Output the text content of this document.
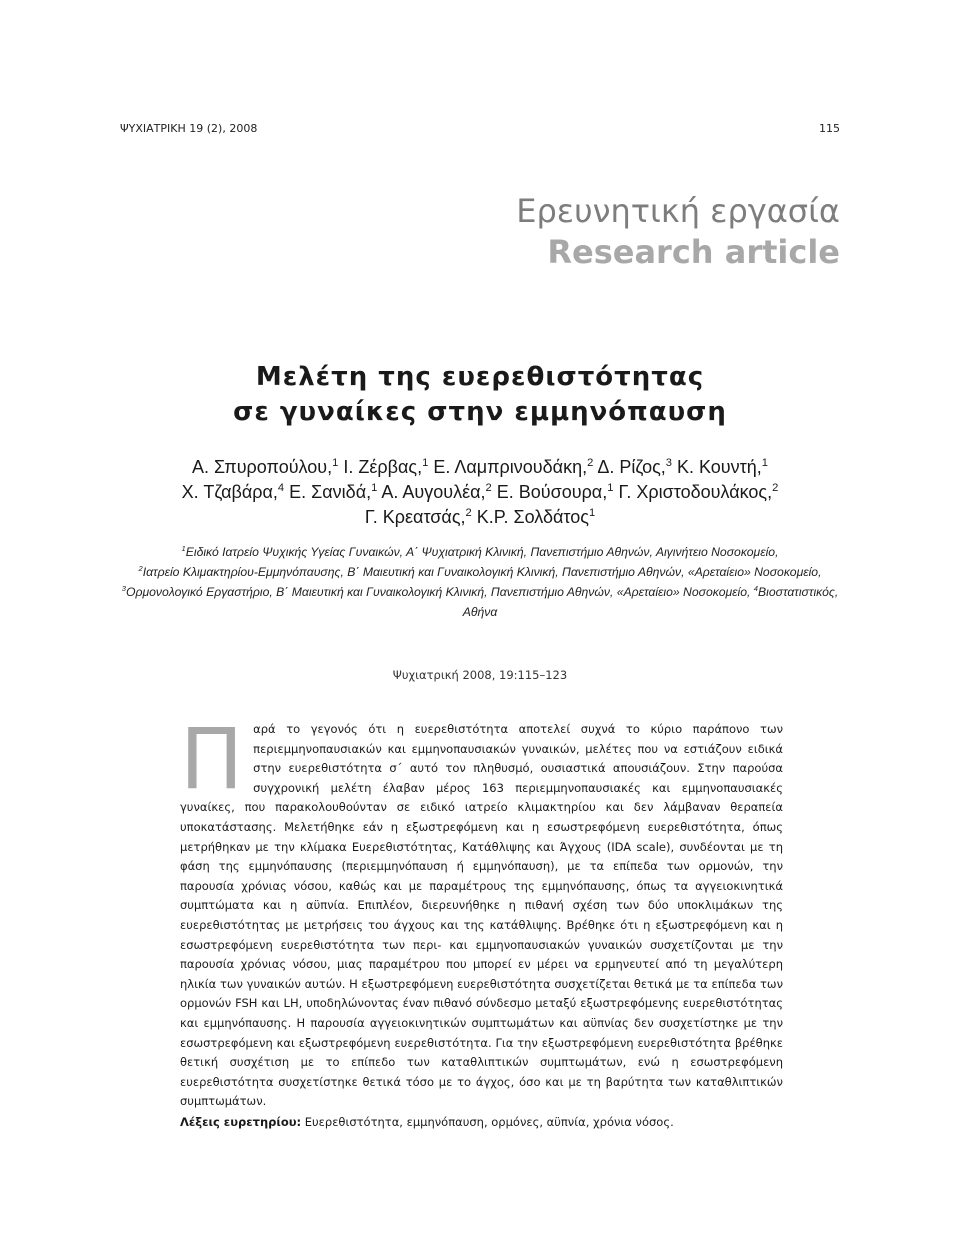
ΨΥΧΙΑΤΡΙΚΗ 19 (2), 2008	115
Ερευνητική εργασία
Research article
Μελέτη της ευερεθιστότητας
σε γυναίκες στην εμμηνόπαυση
Α. Σπυροπούλου,$^1$ Ι. Ζέρβας,$^1$ Ε. Λαμπρινουδάκη,$^2$ Δ. Ρίζος,$^3$ Κ. Κουντή,$^1$
Χ. Τζαβάρα,$^4$ Ε. Σανιδά,$^1$ Α. Αυγουλέα,$^2$ Ε. Βούσουρα,$^1$ Γ. Χριστοδουλάκος,$^2$
Γ. Κρεατσάς,$^2$ Κ.Ρ. Σολδάτος$^1$
$^1$Ειδικό Ιατρείο Ψυχικής Υγείας Γυναικών, Α΄ Ψυχιατρική Κλινική, Πανεπιστήμιο Αθηνών, Αιγινήτειο Νοσοκομείο,
$^2$Ιατρείο Κλιμακτηρίου-Εμμηνόπαυσης, Β΄ Μαιευτική και Γυναικολογική Κλινική, Πανεπιστήμιο Αθηνών, «Αρεταίειο» Νοσοκομείο, $^3$Ορμονολογικό Εργαστήριο, Β΄ Μαιευτική και Γυναικολογική Κλινική, Πανεπιστήμιο Αθηνών, «Αρεταίειο» Νοσοκομείο, $^4$Βιοστατιστικός, Αθήνα
Ψυχιατρική 2008, 19:115–123
Π αρά το γεγονός ότι η ευερεθιστότητα αποτελεί συχνά το κύριο παράπονο των περιεμμηνοπαυσιακών και εμμηνοπαυσιακών γυναικών, μελέτες που να εστιάζουν ειδικά στην ευερεθιστότητα σ΄ αυτό τον πληθυσμό, ουσιαστικά απουσιάζουν. Στην παρούσα συγχρονική μελέτη έλαβαν μέρος 163 περιεμμηνοπαυσιακές και εμμηνοπαυσιακές γυναίκες, που παρακολουθούνταν σε ειδικό ιατρείο κλιμακτηρίου και δεν λάμβαναν θεραπεία υποκατάστασης. Μελετήθηκε εάν η εξωστρεφόμενη και η εσωστρεφόμενη ευερεθιστότητα, όπως μετρήθηκαν με την κλίμακα Ευερεθιστότητας, Κατάθλιψης και Άγχους (IDA scale), συνδέονται με τη φάση της εμμηνόπαυσης (περιεμμηνόπαυση ή εμμηνόπαυση), με τα επίπεδα των ορμονών, την παρουσία χρόνιας νόσου, καθώς και με παραμέτρους της εμμηνόπαυσης, όπως τα αγγειοκινητικά συμπτώματα και η αϋπνία. Επιπλέον, διερευνήθηκε η πιθανή σχέση των δύο υποκλιμάκων της ευερεθιστότητας με μετρήσεις του άγχους και της κατάθλιψης. Βρέθηκε ότι η εξωστρεφόμενη και η εσωστρεφόμενη ευερεθιστότητα των περι- και εμμηνοπαυσιακών γυναικών συσχετίζονται με την παρουσία χρόνιας νόσου, μιας παραμέτρου που μπορεί εν μέρει να ερμηνευτεί από τη μεγαλύτερη ηλικία των γυναικών αυτών. Η εξωστρεφόμενη ευερεθιστότητα συσχετίζεται θετικά με τα επίπεδα των ορμονών FSH και LH, υποδηλώνοντας έναν πιθανό σύνδεσμο μεταξύ εξωστρεφόμενης ευερεθιστότητας και εμμηνόπαυσης. Η παρουσία αγγειοκινητικών συμπτωμάτων και αϋπνίας δεν συσχετίστηκε με την εσωστρεφόμενη και εξωστρεφόμενη ευερεθιστότητα. Για την εξωστρεφόμενη ευερεθιστότητα βρέθηκε θετική συσχέτιση με το επίπεδο των καταθλιπτικών συμπτωμάτων, ενώ η εσωστρεφόμενη ευερεθιστότητα συσχετίστηκε θετικά τόσο με το άγχος, όσο και με τη βαρύτητα των καταθλιπτικών συμπτωμάτων.
Λέξεις ευρετηρίου: Ευερεθιστότητα, εμμηνόπαυση, ορμόνες, αϋπνία, χρόνια νόσος.
